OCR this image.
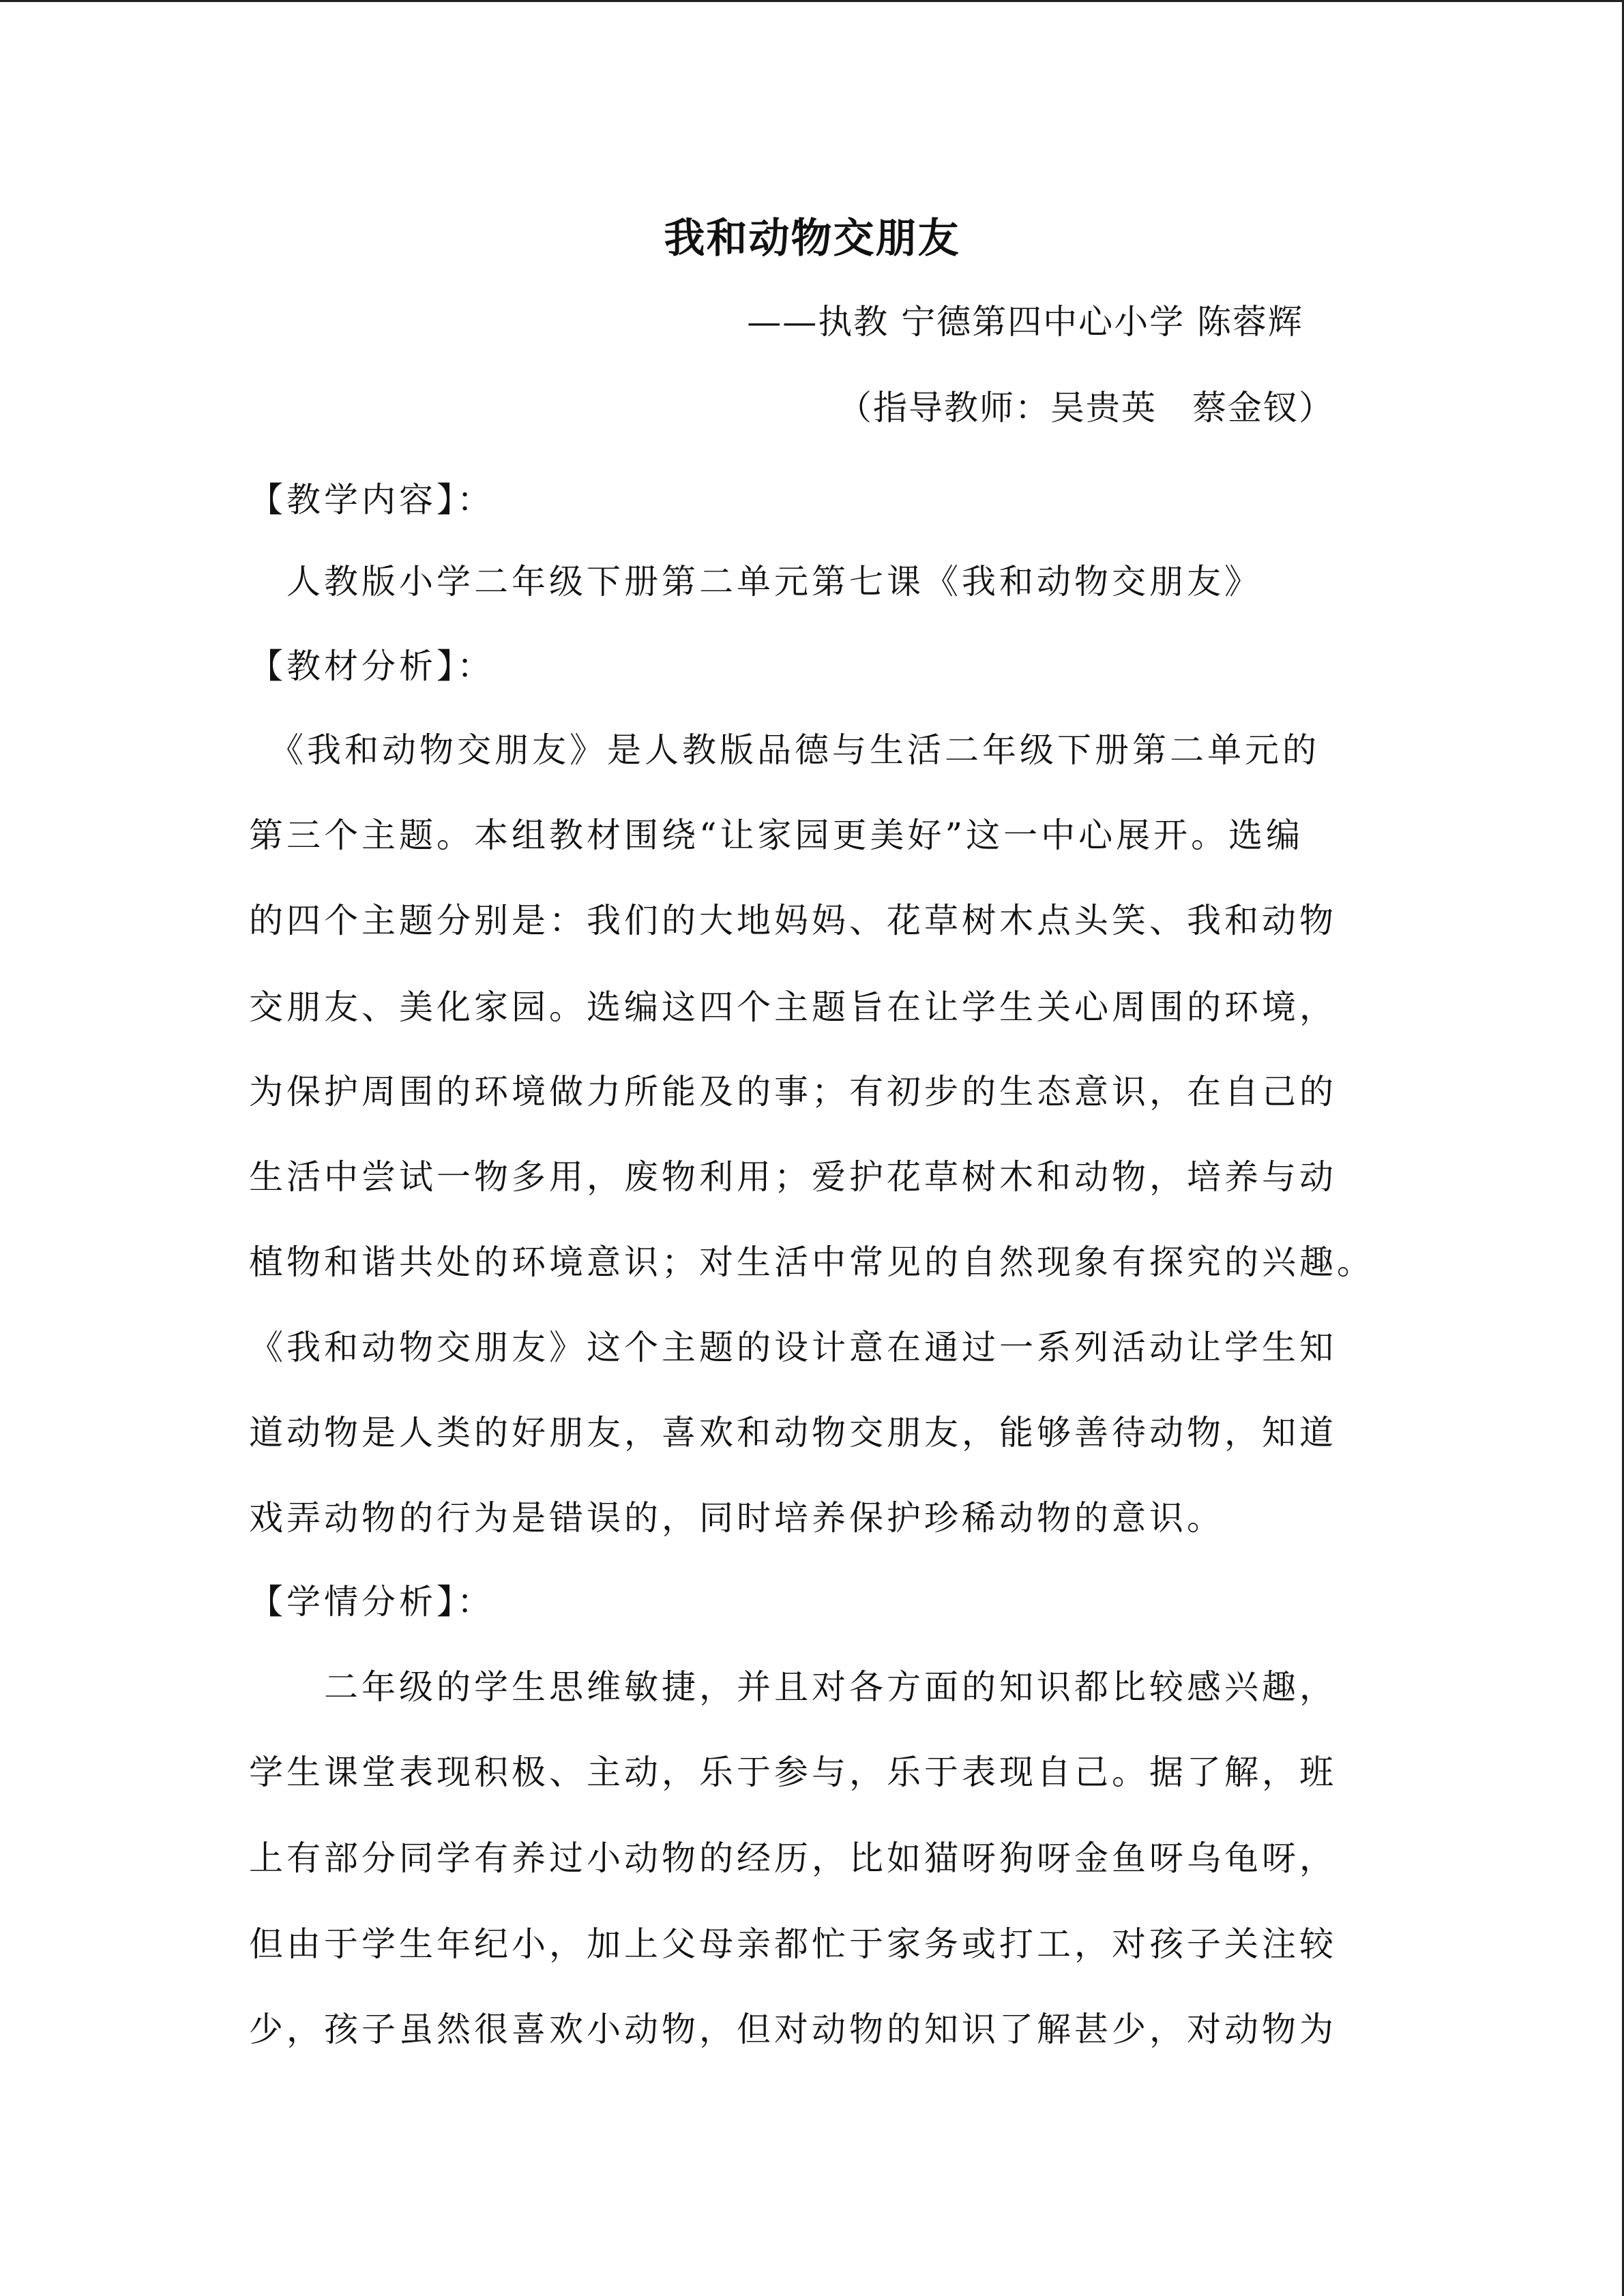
我和动物交朋友
——执教 宁德第四中心小学 陈蓉辉
（指导教师：吴贵英　蔡金钗）
【教学内容】：
　人教版小学二年级下册第二单元第七课《我和动物交朋友》
【教材分析】：
　《我和动物交朋友》是人教版品德与生活二年级下册第二单元的
第三个主题。本组教材围绕“让家园更美好”这一中心展开。选编
的四个主题分别是：我们的大地妈妈、花草树木点头笑、我和动物
交朋友、美化家园。选编这四个主题旨在让学生关心周围的环境，
为保护周围的环境做力所能及的事；有初步的生态意识，在自己的
生活中尝试一物多用，废物利用；爱护花草树木和动物，培养与动
植物和谐共处的环境意识；对生活中常见的自然现象有探究的兴趣。
《我和动物交朋友》这个主题的设计意在通过一系列活动让学生知
道动物是人类的好朋友，喜欢和动物交朋友，能够善待动物，知道
戏弄动物的行为是错误的，同时培养保护珍稀动物的意识。
【学情分析】：
　　二年级的学生思维敏捷，并且对各方面的知识都比较感兴趣，
学生课堂表现积极、主动，乐于参与，乐于表现自己。据了解，班
上有部分同学有养过小动物的经历，比如猫呀狗呀金鱼呀乌龟呀，
但由于学生年纪小，加上父母亲都忙于家务或打工，对孩子关注较
少，孩子虽然很喜欢小动物，但对动物的知识了解甚少，对动物为
